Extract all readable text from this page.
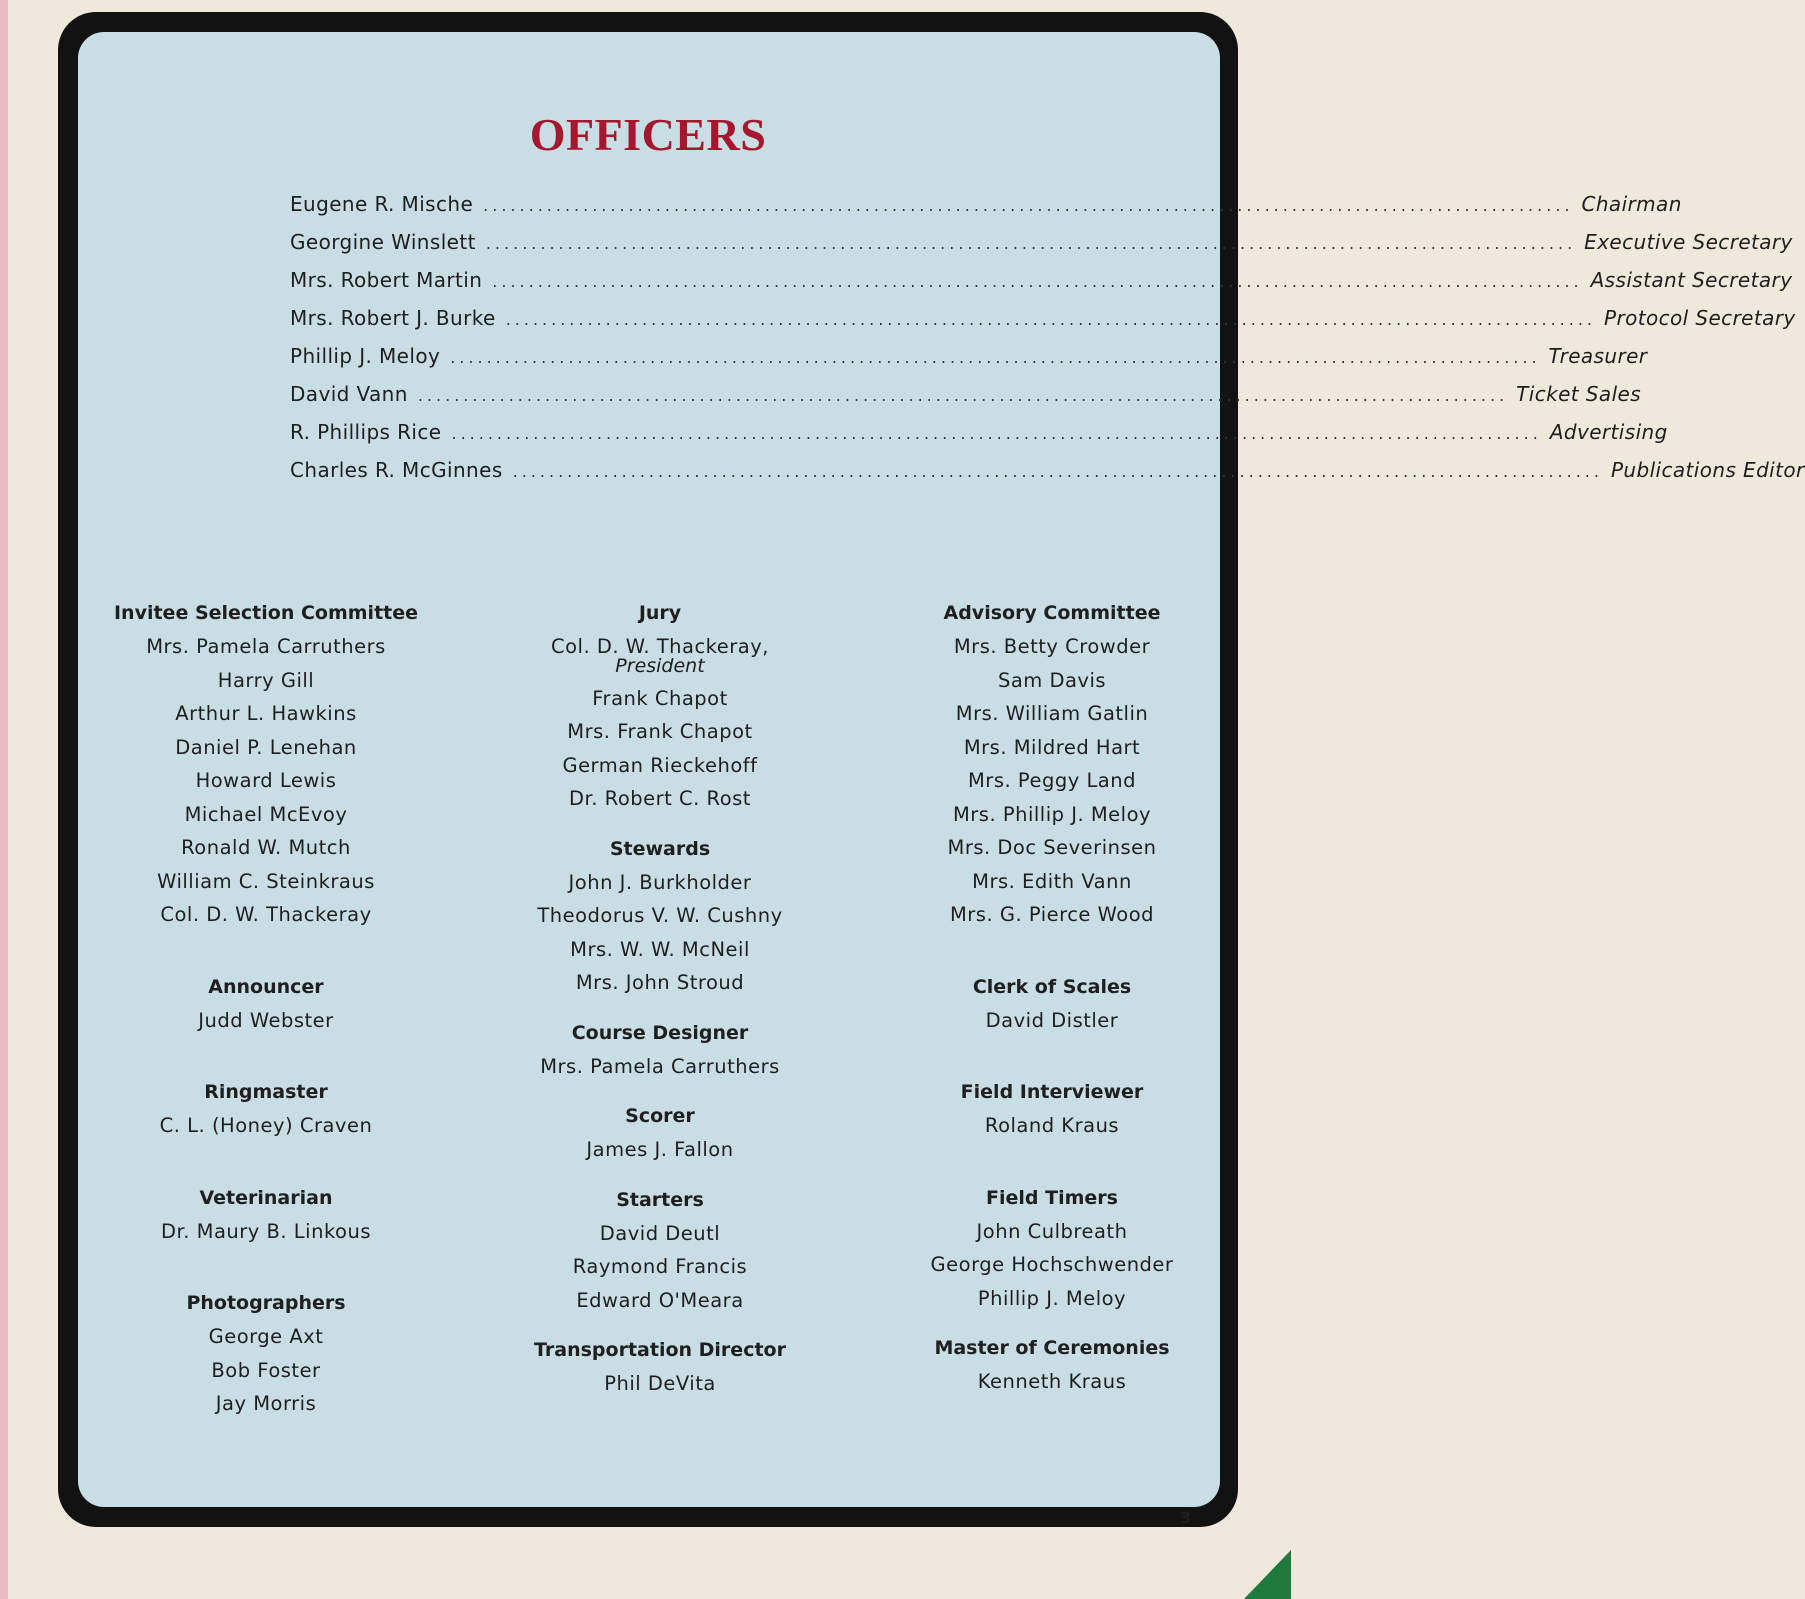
OFFICERS
Eugene R. Mische ........................................................................................................................ Chairman
Georgine Winslett ........................................................................................................................ Executive Secretary
Mrs. Robert Martin ........................................................................................................................ Assistant Secretary
Mrs. Robert J. Burke ........................................................................................................................ Protocol Secretary
Phillip J. Meloy ........................................................................................................................ Treasurer
David Vann ........................................................................................................................ Ticket Sales
R. Phillips Rice ........................................................................................................................ Advertising
Charles R. McGinnes ........................................................................................................................ Publications Editor
Invitee Selection Committee
Mrs. Pamela Carruthers
Harry Gill
Arthur L. Hawkins
Daniel P. Lenehan
Howard Lewis
Michael McEvoy
Ronald W. Mutch
William C. Steinkraus
Col. D. W. Thackeray
Announcer
Judd Webster
Ringmaster
C. L. (Honey) Craven
Veterinarian
Dr. Maury B. Linkous
Photographers
George Axt
Bob Foster
Jay Morris
Jury
Col. D. W. Thackeray,
President
Frank Chapot
Mrs. Frank Chapot
German Rieckehoff
Dr. Robert C. Rost
Stewards
John J. Burkholder
Theodorus V. W. Cushny
Mrs. W. W. McNeil
Mrs. John Stroud
Course Designer
Mrs. Pamela Carruthers
Scorer
James J. Fallon
Starters
David Deutl
Raymond Francis
Edward O'Meara
Transportation Director
Phil DeVita
Advisory Committee
Mrs. Betty Crowder
Sam Davis
Mrs. William Gatlin
Mrs. Mildred Hart
Mrs. Peggy Land
Mrs. Phillip J. Meloy
Mrs. Doc Severinsen
Mrs. Edith Vann
Mrs. G. Pierce Wood
Clerk of Scales
David Distler
Field Interviewer
Roland Kraus
Field Timers
John Culbreath
George Hochschwender
Phillip J. Meloy
Master of Ceremonies
Kenneth Kraus
3
